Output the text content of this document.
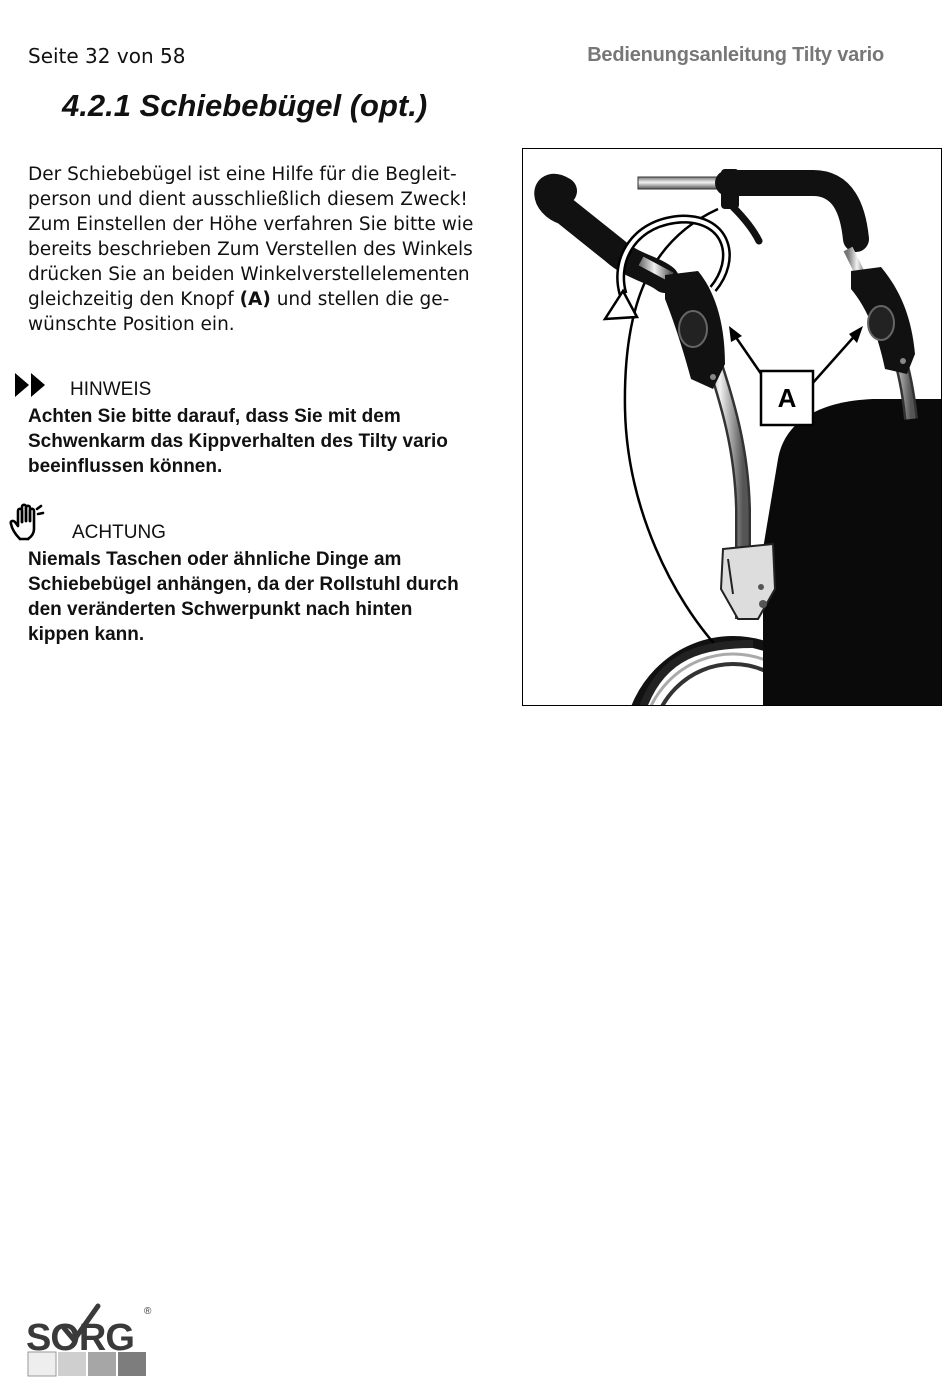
Seite 32 von 58	Bedienungsanleitung Tilty vario
4.2.1 Schiebebügel (opt.)

Der Schiebebügel ist eine Hilfe für die Begleit-
person und dient ausschließlich diesem Zweck!
Zum Einstellen der Höhe verfahren Sie bitte wie
bereits beschrieben Zum Verstellen des Winkels
drücken Sie an beiden Winkelverstellelementen
gleichzeitig den Knopf (A) und stellen die ge-
wünschte Position ein.

HINWEIS

Achten Sie bitte darauf, dass Sie mit dem
Schwenkarm das Kippverhalten des Tilty vario
beeinflussen können.

ACHTUNG

Niemals Taschen oder ähnliche Dinge am
Schiebebügel anhängen, da der Rollstuhl durch
den veränderten Schwerpunkt nach hinten
kippen kann.

A
SORG
®
